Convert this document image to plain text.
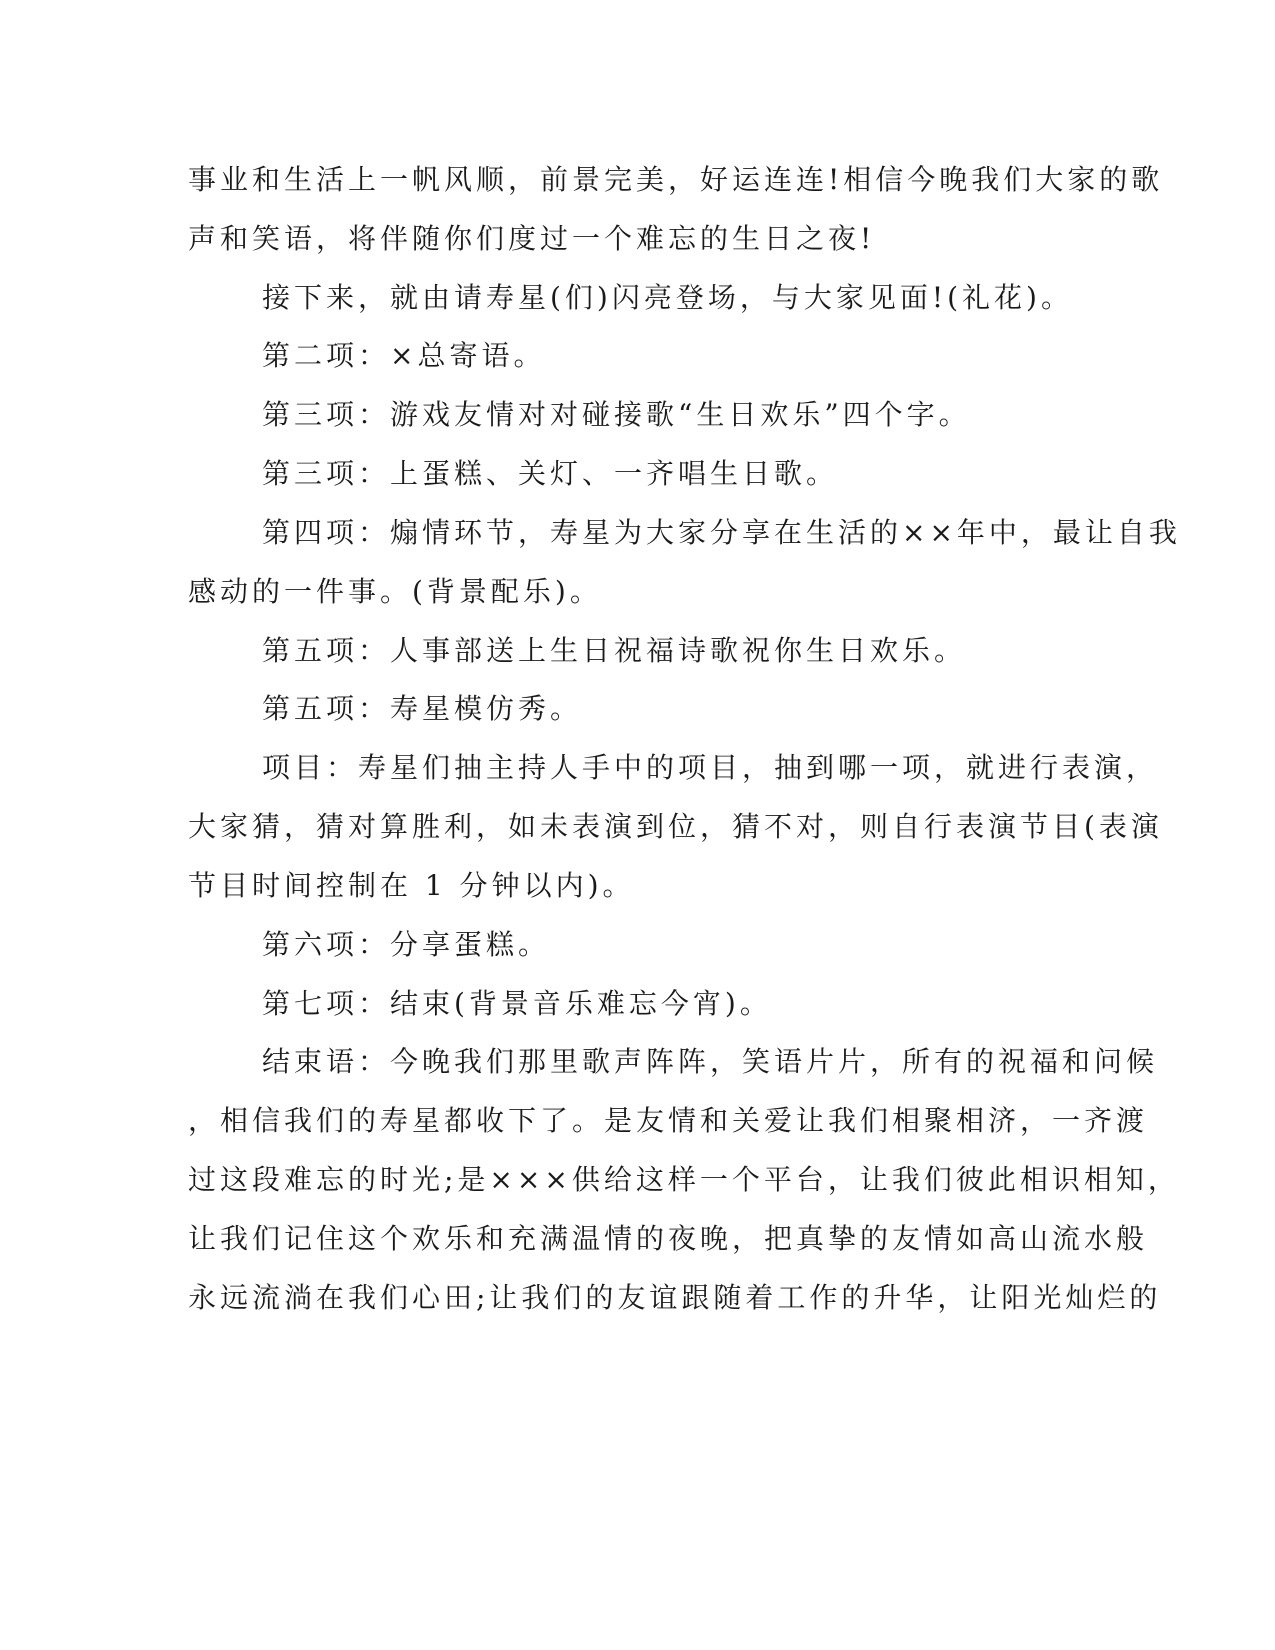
事业和生活上一帆风顺，前景完美，好运连连!相信今晚我们大家的歌
声和笑语，将伴随你们度过一个难忘的生日之夜!
接下来，就由请寿星(们)闪亮登场，与大家见面!(礼花)。
第二项：×总寄语。
第三项：游戏友情对对碰接歌“生日欢乐”四个字。
第三项：上蛋糕、关灯、一齐唱生日歌。
第四项：煽情环节，寿星为大家分享在生活的××年中，最让自我
感动的一件事。(背景配乐)。
第五项：人事部送上生日祝福诗歌祝你生日欢乐。
第五项：寿星模仿秀。
项目：寿星们抽主持人手中的项目，抽到哪一项，就进行表演，
大家猜，猜对算胜利，如未表演到位，猜不对，则自行表演节目(表演
节目时间控制在 1 分钟以内)。
第六项：分享蛋糕。
第七项：结束(背景音乐难忘今宵)。
结束语：今晚我们那里歌声阵阵，笑语片片，所有的祝福和问候
，相信我们的寿星都收下了。是友情和关爱让我们相聚相济，一齐渡
过这段难忘的时光;是×××供给这样一个平台，让我们彼此相识相知，
让我们记住这个欢乐和充满温情的夜晚，把真挚的友情如高山流水般
永远流淌在我们心田;让我们的友谊跟随着工作的升华，让阳光灿烂的
